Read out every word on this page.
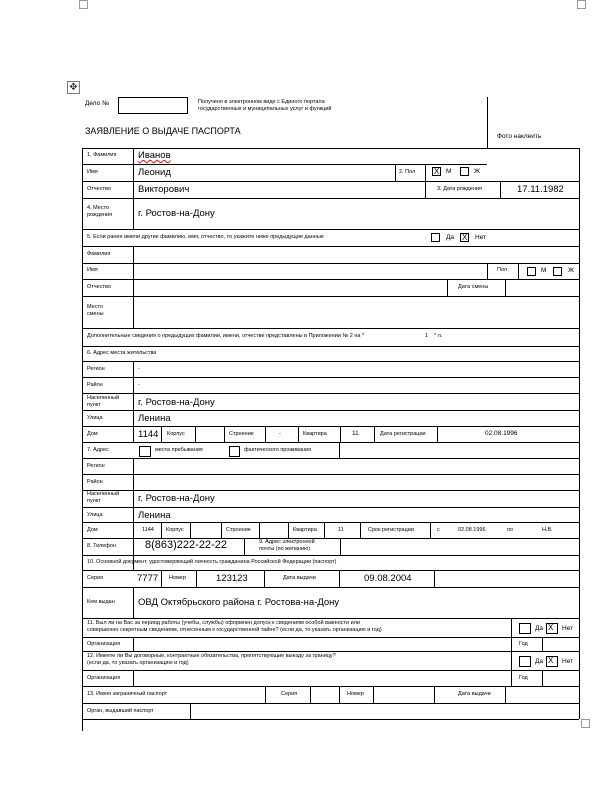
✥
Дело №	Получено в электронном виде с Единого портала
государственных и муниципальных услуг и функций
ЗАЯВЛЕНИЕ О ВЫДАЧЕ ПАСПОРТА
Фото наклеить
1. Фамилия Иванов
Имя	Леонид	2. Пол X	М	Ж
Отчество	Викторович	3. Дата рождения	17.11.1982
4. Место
рождения	г. Ростов-на-Дону
5. Если ранее имели другие фамилию, имя, отчество, то укажите ниже предыдущие данные	Да X	Нет
Фамилия
Имя	Пол	М	Ж
Отчество	Дата смены
Место
смены
Дополнительные сведения о предыдущих фамилии, имени, отчестве представлены в Приложении № 2 на *	1 * л.
6. Адрес места жительства
Регион	-
Район	-
Населенный
пункт	г. Ростов-на-Дону
Улица	Ленина
Дом	1144 Корпус	Строение	-	Квартира	11	Дата регистрации	02.08.1996
7. Адрес	места пребывания	фактического проживания
Регион
Район
Населенный
пункт	г. Ростов-на-Дону
Улица	Ленина
Дом	1144 Корпус	Строение	Квартира	11	Срок регистрации	с	02.08.1996	по	Н.В.
8. Телефон	8(863)222-22-22	9. Адрес электронной
почты (по желанию)
10. Основной документ, удостоверяющий личность гражданина Российской Федерации (паспорт)
Серия	7777 Номер	123123	Дата выдачи	09.08.2004
Кем выдан ОВД Октябрьского района г. Ростова-на-Дону
11. Был ли на Вас за период работы (учебы, службы) оформлен допуск к сведениям особой важности или
совершенно секретным сведениям, отнесенным к государственной тайне? (если да, то указать организацию и год)	Да X	Нет
Организация	Год
12. Имеете ли Вы договорные, контрактные обязательства, препятствующие выезду за границу?
(если да, то указать организацию и год)	Да X	Нет
Организация	Год
13. Имею заграничный паспорт	Серия	Номер	Дата выдачи
Орган, выдавший паспорт
